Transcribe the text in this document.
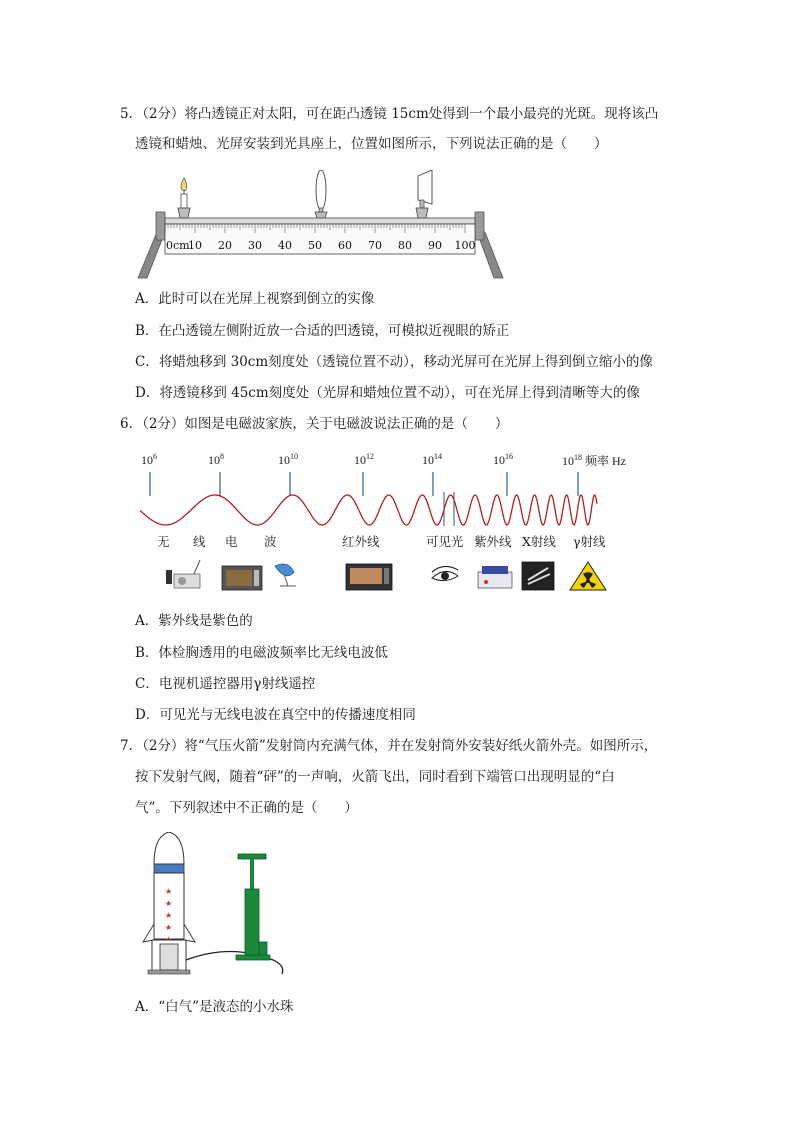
5．（2分）将凸透镜正对太阳，可在距凸透镜 15cm处得到一个最小最亮的光斑。现将该凸
透镜和蜡烛、光屏安装到光具座上，位置如图所示，下列说法正确的是（　　）
0cm
10 20 30 40 50 60 70 80 90 100
A．此时可以在光屏上视察到倒立的实像
B．在凸透镜左侧附近放一合适的凹透镜，可模拟近视眼的矫正
C．将蜡烛移到 30cm刻度处（透镜位置不动），移动光屏可在光屏上得到倒立缩小的像
D．将透镜移到 45cm刻度处（光屏和蜡烛位置不动），可在光屏上得到清晰等大的像
6．（2分）如图是电磁波家族，关于电磁波说法正确的是（　　）
$10^6$	$10^8$	$10^{10}$	$10^{12}$	$10^{14}$	$10^{16}$	$10^{18}$ 频率 Hz
无 线 电 波	红外线	可见光 紫外线 X射线 γ射线
A．紫外线是紫色的
B．体检胸透用的电磁波频率比无线电波低
C．电视机遥控器用γ射线遥控
D．可见光与无线电波在真空中的传播速度相同
7．（2分）将“气压火箭”发射筒内充满气体，并在发射筒外安装好纸火箭外壳。如图所示，
按下发射气阀，随着“砰”的一声响，火箭飞出，同时看到下端管口出现明显的“白
气”。下列叙述中不正确的是（　　）
★
★
★
★
A．“白气”是液态的小水珠
